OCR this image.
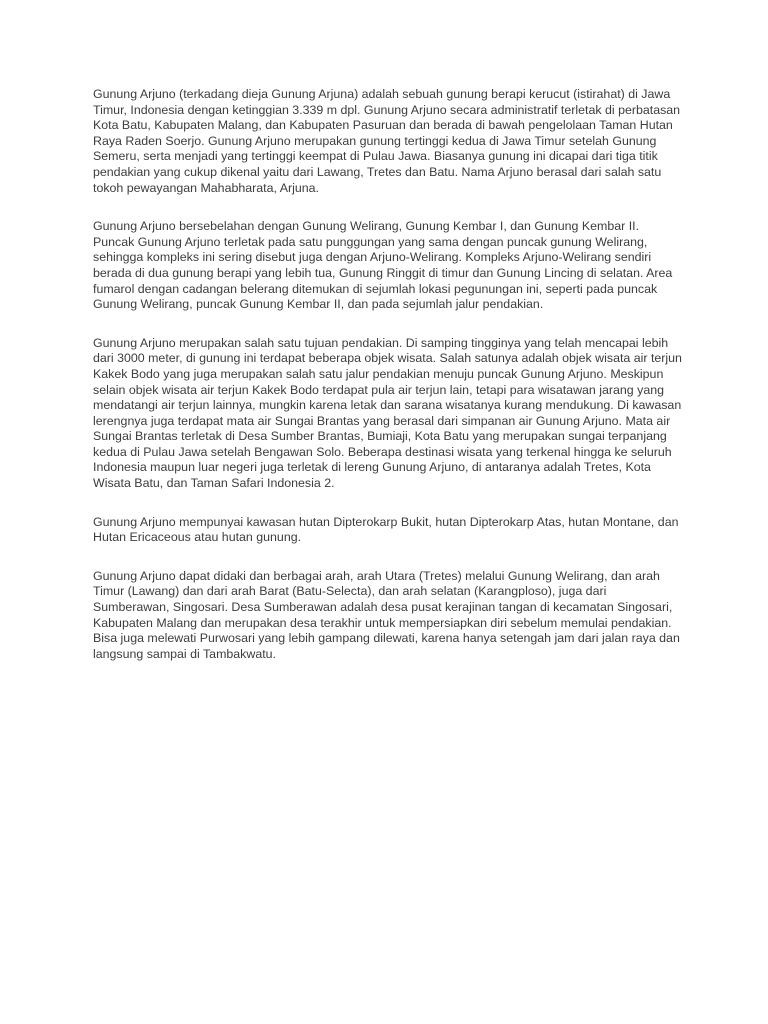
Gunung Arjuno (terkadang dieja Gunung Arjuna) adalah sebuah gunung berapi kerucut (istirahat) di Jawa Timur, Indonesia dengan ketinggian 3.339 m dpl. Gunung Arjuno secara administratif terletak di perbatasan Kota Batu, Kabupaten Malang, dan Kabupaten Pasuruan dan berada di bawah pengelolaan Taman Hutan Raya Raden Soerjo. Gunung Arjuno merupakan gunung tertinggi kedua di Jawa Timur setelah Gunung Semeru, serta menjadi yang tertinggi keempat di Pulau Jawa. Biasanya gunung ini dicapai dari tiga titik pendakian yang cukup dikenal yaitu dari Lawang, Tretes dan Batu. Nama Arjuno berasal dari salah satu tokoh pewayangan Mahabharata, Arjuna.

Gunung Arjuno bersebelahan dengan Gunung Welirang, Gunung Kembar I, dan Gunung Kembar II. Puncak Gunung Arjuno terletak pada satu punggungan yang sama dengan puncak gunung Welirang, sehingga kompleks ini sering disebut juga dengan Arjuno-Welirang. Kompleks Arjuno-Welirang sendiri berada di dua gunung berapi yang lebih tua, Gunung Ringgit di timur dan Gunung Lincing di selatan. Area fumarol dengan cadangan belerang ditemukan di sejumlah lokasi pegunungan ini, seperti pada puncak Gunung Welirang, puncak Gunung Kembar II, dan pada sejumlah jalur pendakian.

Gunung Arjuno merupakan salah satu tujuan pendakian. Di samping tingginya yang telah mencapai lebih dari 3000 meter, di gunung ini terdapat beberapa objek wisata. Salah satunya adalah objek wisata air terjun Kakek Bodo yang juga merupakan salah satu jalur pendakian menuju puncak Gunung Arjuno. Meskipun selain objek wisata air terjun Kakek Bodo terdapat pula air terjun lain, tetapi para wisatawan jarang yang mendatangi air terjun lainnya, mungkin karena letak dan sarana wisatanya kurang mendukung. Di kawasan lerengnya juga terdapat mata air Sungai Brantas yang berasal dari simpanan air Gunung Arjuno. Mata air Sungai Brantas terletak di Desa Sumber Brantas, Bumiaji, Kota Batu yang merupakan sungai terpanjang kedua di Pulau Jawa setelah Bengawan Solo. Beberapa destinasi wisata yang terkenal hingga ke seluruh Indonesia maupun luar negeri juga terletak di lereng Gunung Arjuno, di antaranya adalah Tretes, Kota Wisata Batu, dan Taman Safari Indonesia 2.

Gunung Arjuno mempunyai kawasan hutan Dipterokarp Bukit, hutan Dipterokarp Atas, hutan Montane, dan Hutan Ericaceous atau hutan gunung.

Gunung Arjuno dapat didaki dan berbagai arah, arah Utara (Tretes) melalui Gunung Welirang, dan arah Timur (Lawang) dan dari arah Barat (Batu-Selecta), dan arah selatan (Karangploso), juga dari Sumberawan, Singosari. Desa Sumberawan adalah desa pusat kerajinan tangan di kecamatan Singosari, Kabupaten Malang dan merupakan desa terakhir untuk mempersiapkan diri sebelum memulai pendakian. Bisa juga melewati Purwosari yang lebih gampang dilewati, karena hanya setengah jam dari jalan raya dan langsung sampai di Tambakwatu.
